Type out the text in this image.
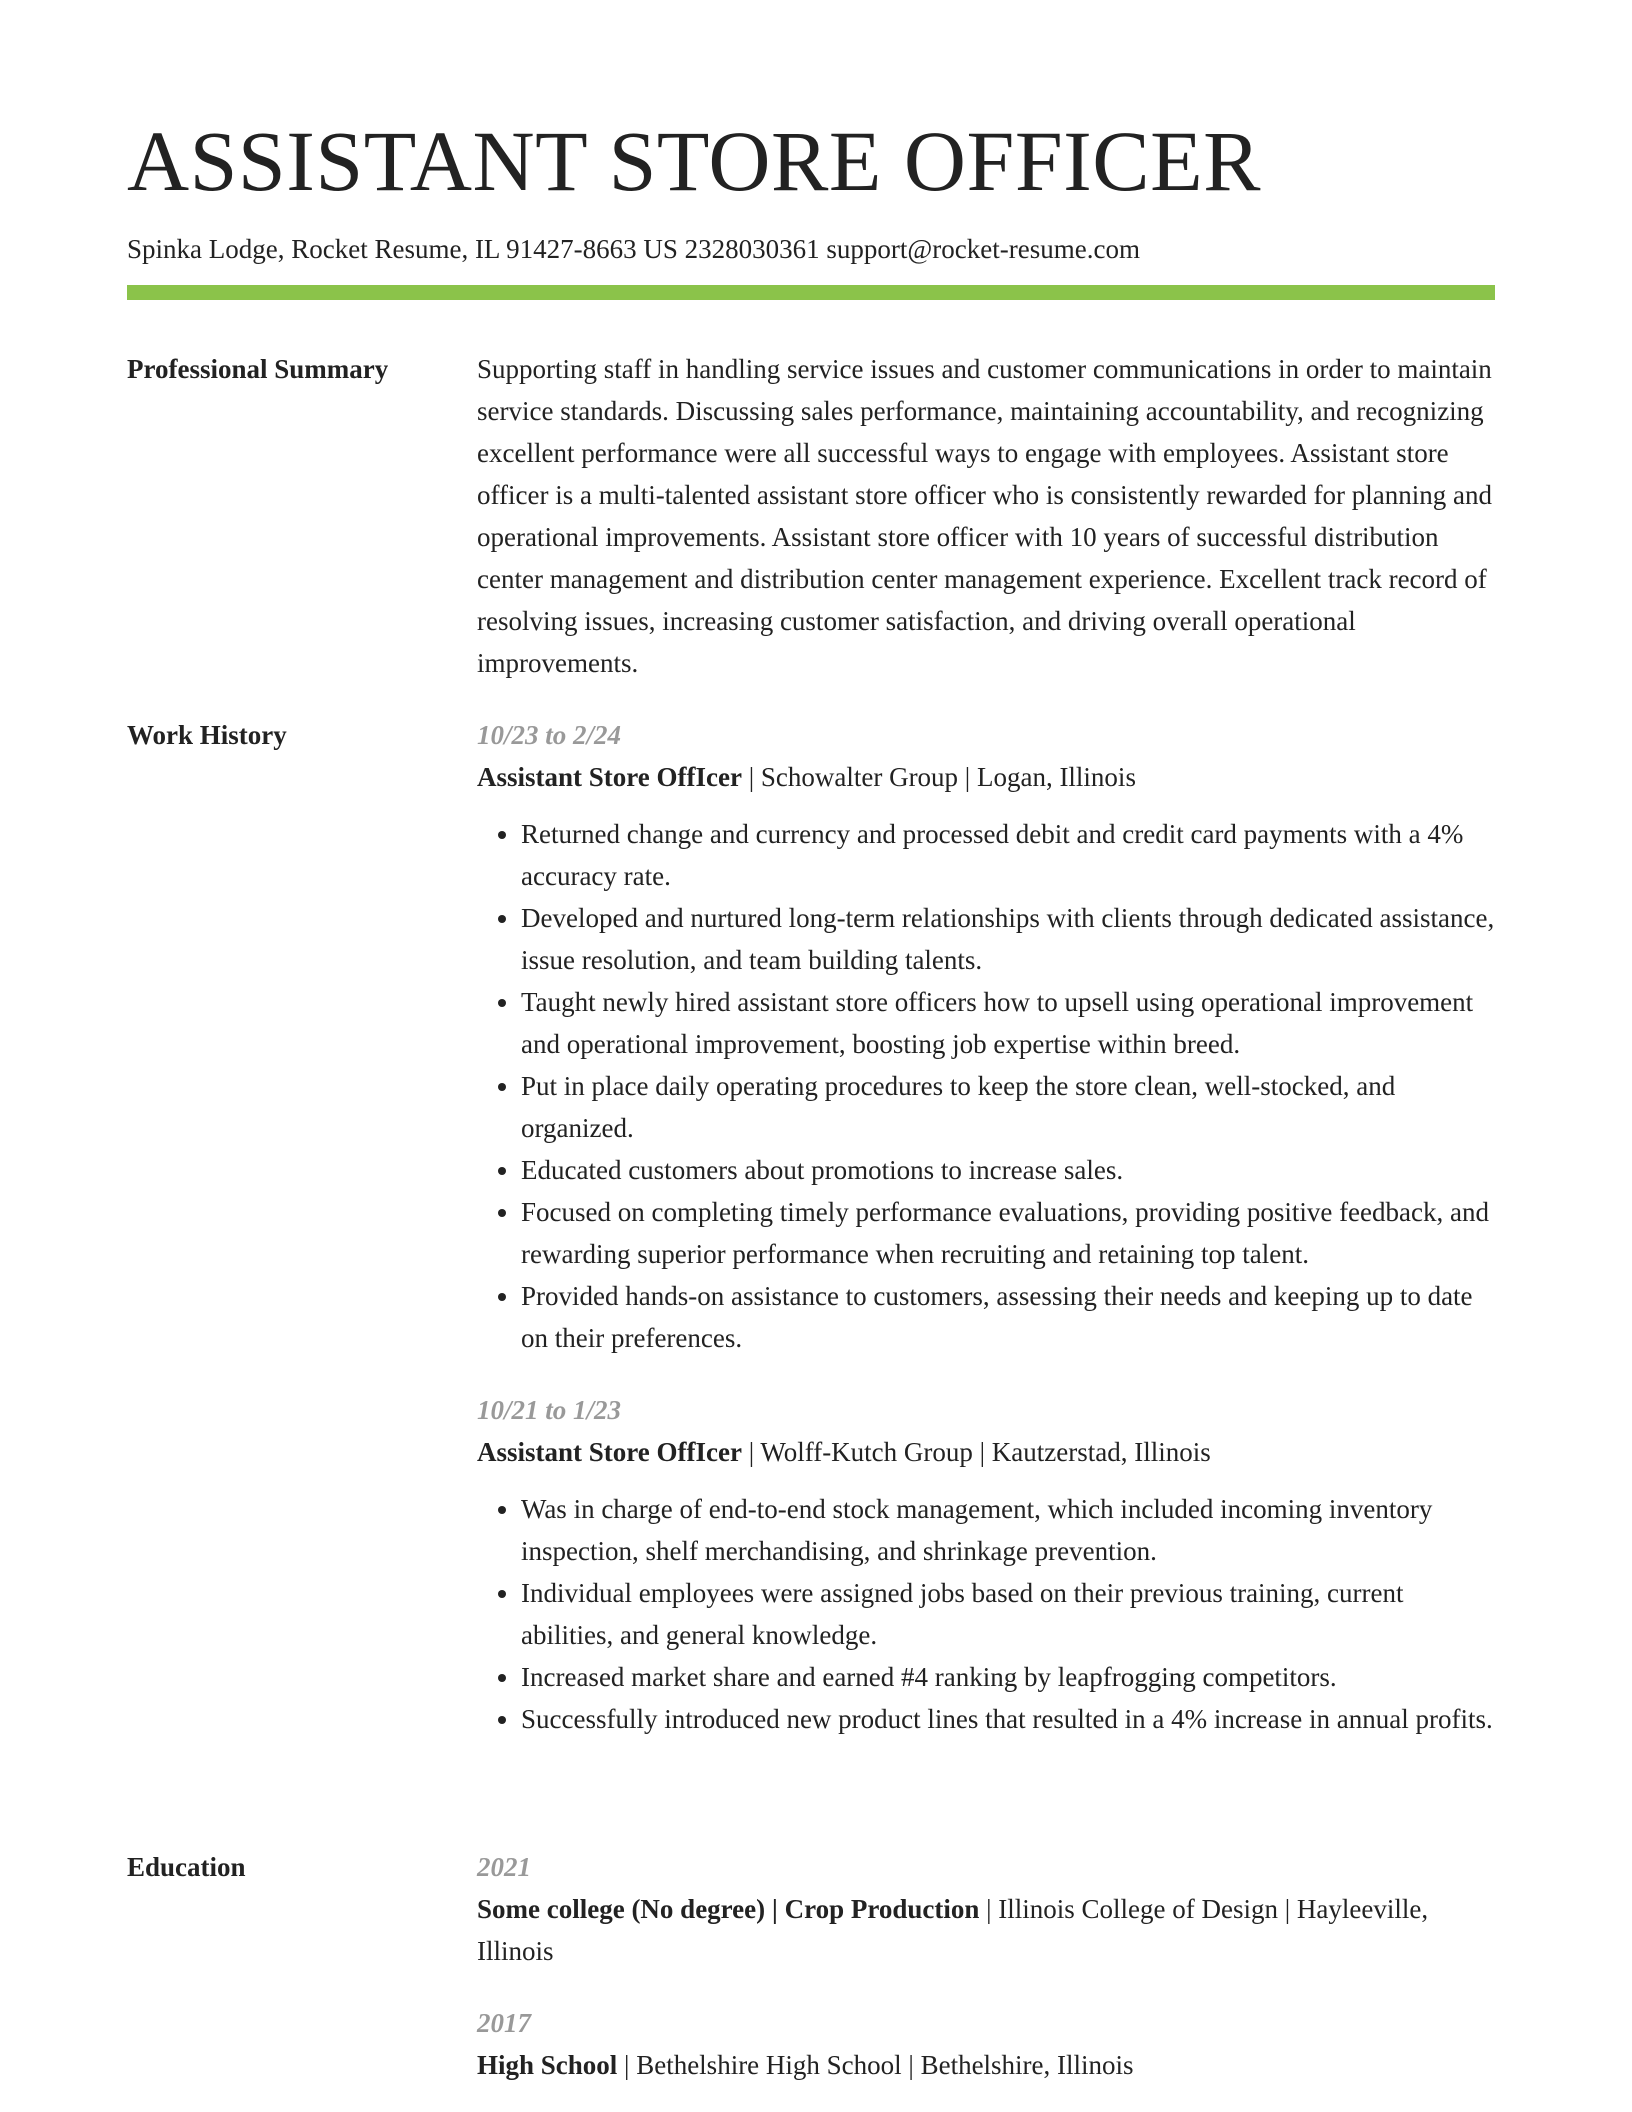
ASSISTANT STORE OFFICER

Spinka Lodge, Rocket Resume, IL 91427-8663 US 2328030361 support@rocket-resume.com

Professional Summary	Supporting staff in handling service issues and customer communications in order to maintain service standards. Discussing sales performance, maintaining accountability, and recognizing excellent performance were all successful ways to engage with employees. Assistant store officer is a multi-talented assistant store officer who is consistently rewarded for planning and operational improvements. Assistant store officer with 10 years of successful distribution center management and distribution center management experience. Excellent track record of resolving issues, increasing customer satisfaction, and driving overall operational improvements.

Work History	10/23 to 2/24

Assistant Store OffIcer | Schowalter Group | Logan, Illinois

• Returned change and currency and processed debit and credit card payments with a 4% accuracy rate.
• Developed and nurtured long-term relationships with clients through dedicated assistance, issue resolution, and team building talents.
• Taught newly hired assistant store officers how to upsell using operational improvement and operational improvement, boosting job expertise within breed.
• Put in place daily operating procedures to keep the store clean, well-stocked, and organized.
• Educated customers about promotions to increase sales.
• Focused on completing timely performance evaluations, providing positive feedback, and rewarding superior performance when recruiting and retaining top talent.
• Provided hands-on assistance to customers, assessing their needs and keeping up to date on their preferences.

10/21 to 1/23

Assistant Store OffIcer | Wolff-Kutch Group | Kautzerstad, Illinois

• Was in charge of end-to-end stock management, which included incoming inventory inspection, shelf merchandising, and shrinkage prevention.
• Individual employees were assigned jobs based on their previous training, current abilities, and general knowledge.
• Increased market share and earned #4 ranking by leapfrogging competitors.
• Successfully introduced new product lines that resulted in a 4% increase in annual profits.
Education	2021

Some college (No degree) | Crop Production | Illinois College of Design | Hayleeville, Illinois

2017

High School | Bethelshire High School | Bethelshire, Illinois
